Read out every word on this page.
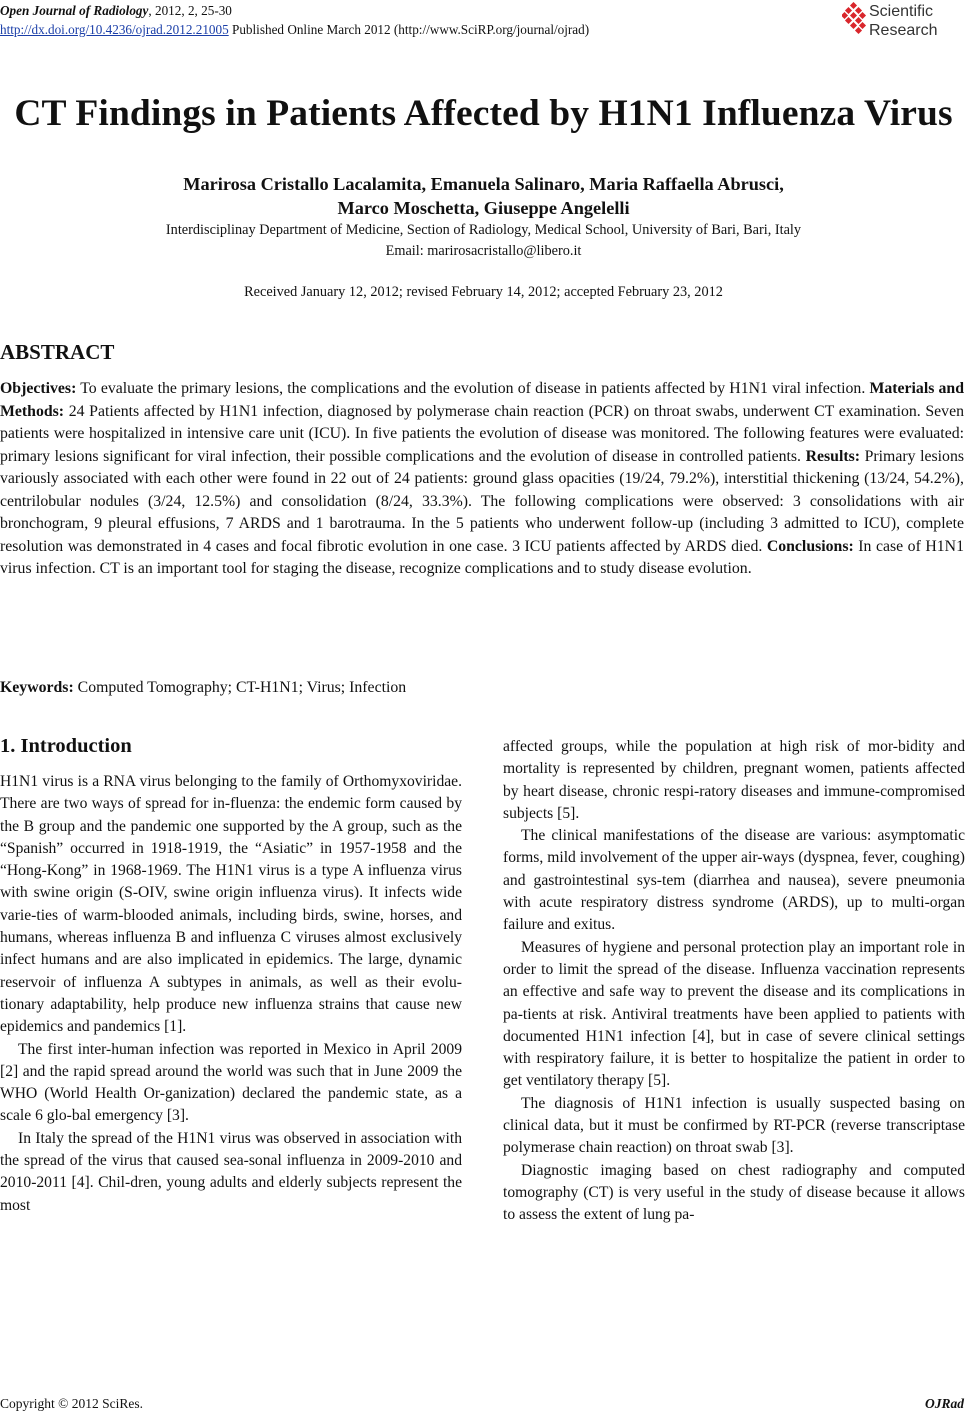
Open Journal of Radiology, 2012, 2, 25-30
http://dx.doi.org/10.4236/ojrad.2012.21005 Published Online March 2012 (http://www.SciRP.org/journal/ojrad)
Scientific
Research
CT Findings in Patients Affected by H1N1 Influenza Virus
Marirosa Cristallo Lacalamita, Emanuela Salinaro, Maria Raffaella Abrusci,
Marco Moschetta, Giuseppe Angelelli
Interdisciplinay Department of Medicine, Section of Radiology, Medical School, University of Bari, Bari, Italy
Email: marirosacristallo@libero.it
Received January 12, 2012; revised February 14, 2012; accepted February 23, 2012
ABSTRACT
Objectives: To evaluate the primary lesions, the complications and the evolution of disease in patients affected by H1N1 viral infection. Materials and Methods: 24 Patients affected by H1N1 infection, diagnosed by polymerase chain reaction (PCR) on throat swabs, underwent CT examination. Seven patients were hospitalized in intensive care unit (ICU). In five patients the evolution of disease was monitored. The following features were evaluated: primary lesions significant for viral infection, their possible complications and the evolution of disease in controlled patients. Results: Primary lesions variously associated with each other were found in 22 out of 24 patients: ground glass opacities (19/24, 79.2%), interstitial thickening (13/24, 54.2%), centrilobular nodules (3/24, 12.5%) and consolidation (8/24, 33.3%). The following complications were observed: 3 consolidations with air bronchogram, 9 pleural effusions, 7 ARDS and 1 barotrauma. In the 5 patients who underwent follow-up (including 3 admitted to ICU), complete resolution was demonstrated in 4 cases and focal fibrotic evolution in one case. 3 ICU patients affected by ARDS died. Conclusions: In case of H1N1 virus infection. CT is an important tool for staging the disease, recognize complications and to study disease evolution.
Keywords: Computed Tomography; CT-H1N1; Virus; Infection
1. Introduction

H1N1 virus is a RNA virus belonging to the family of Orthomyxoviridae. There are two ways of spread for in-fluenza: the endemic form caused by the B group and the pandemic one supported by the A group, such as the “Spanish” occurred in 1918-1919, the “Asiatic” in 1957-1958 and the “Hong-Kong” in 1968-1969. The H1N1 virus is a type A influenza virus with swine origin (S-OIV, swine origin influenza virus). It infects wide varie-ties of warm-blooded animals, including birds, swine, horses, and humans, whereas influenza B and influenza C viruses almost exclusively infect humans and are also implicated in epidemics. The large, dynamic reservoir of influenza A subtypes in animals, as well as their evolu-tionary adaptability, help produce new influenza strains that cause new epidemics and pandemics [1].

The first inter-human infection was reported in Mexico in April 2009 [2] and the rapid spread around the world was such that in June 2009 the WHO (World Health Or-ganization) declared the pandemic state, as a scale 6 glo-bal emergency [3].

In Italy the spread of the H1N1 virus was observed in association with the spread of the virus that caused sea-sonal influenza in 2009-2010 and 2010-2011 [4]. Chil-dren, young adults and elderly subjects represent the most

affected groups, while the population at high risk of mor-bidity and mortality is represented by children, pregnant women, patients affected by heart disease, chronic respi-ratory diseases and immune-compromised subjects [5].

The clinical manifestations of the disease are various: asymptomatic forms, mild involvement of the upper air-ways (dyspnea, fever, coughing) and gastrointestinal sys-tem (diarrhea and nausea), severe pneumonia with acute respiratory distress syndrome (ARDS), up to multi-organ failure and exitus.

Measures of hygiene and personal protection play an important role in order to limit the spread of the disease. Influenza vaccination represents an effective and safe way to prevent the disease and its complications in pa-tients at risk. Antiviral treatments have been applied to patients with documented H1N1 infection [4], but in case of severe clinical settings with respiratory failure, it is better to hospitalize the patient in order to get ventilatory therapy [5].

The diagnosis of H1N1 infection is usually suspected basing on clinical data, but it must be confirmed by RT-PCR (reverse transcriptase polymerase chain reaction) on throat swab [3].

Diagnostic imaging based on chest radiography and computed tomography (CT) is very useful in the study of disease because it allows to assess the extent of lung pa-

Copyright © 2012 SciRes.	OJRad
